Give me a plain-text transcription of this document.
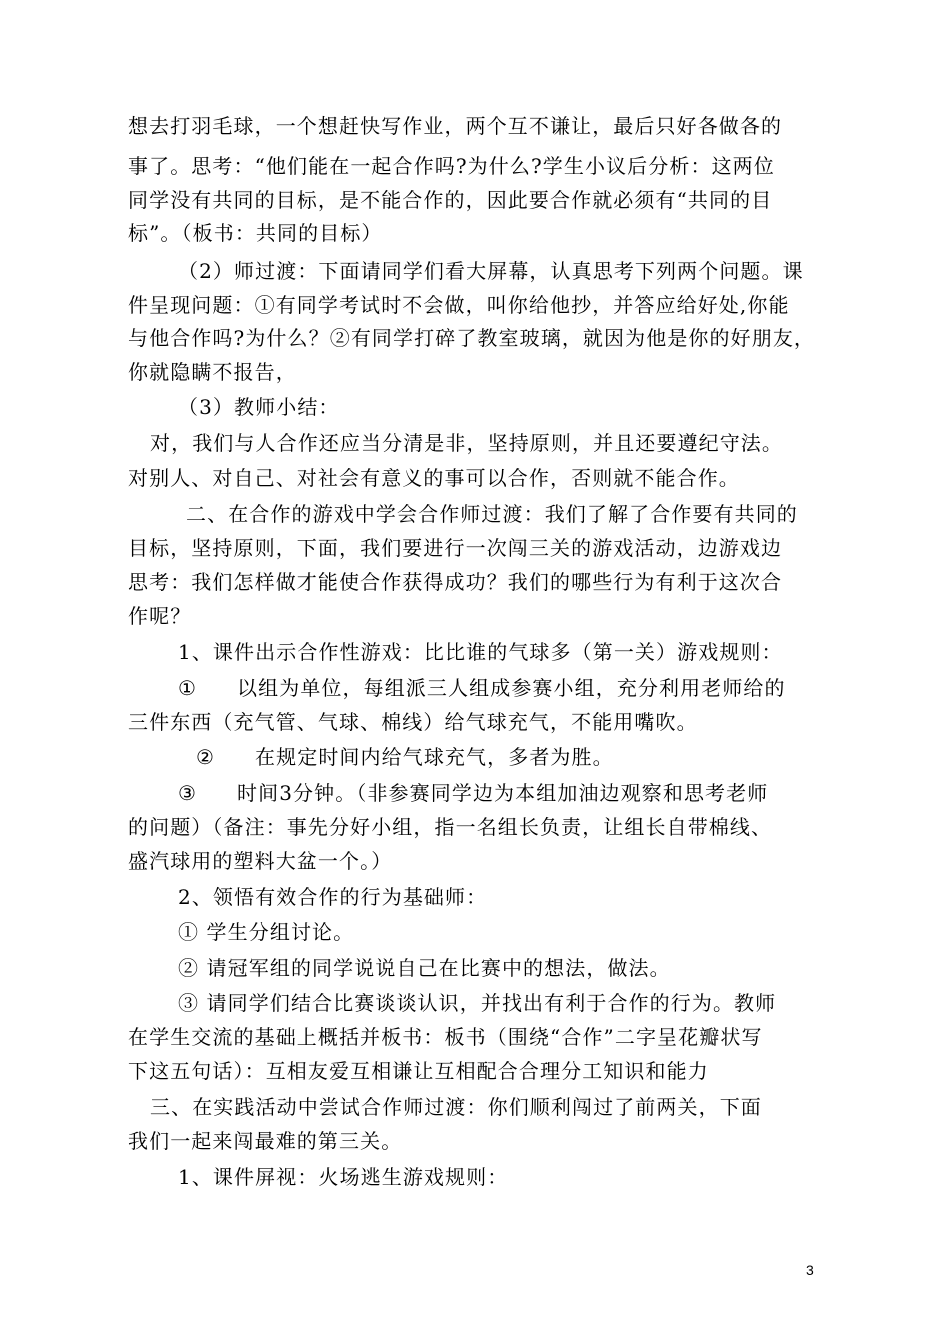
想去打羽毛球，一个想赶快写作业，两个互不谦让，最后只好各做各的
事了。思考：“他们能在一起合作吗?为什么?学生小议后分析：这两位
同学没有共同的目标，是不能合作的，因此要合作就必须有“共同的目
标”。（板书：共同的目标）
（2）师过渡：下面请同学们看大屏幕，认真思考下列两个问题。课
件呈现问题：①有同学考试时不会做，叫你给他抄，并答应给好处,你能
与他合作吗?为什么？②有同学打碎了教室玻璃，就因为他是你的好朋友，
你就隐瞒不报告，
（3）教师小结：
对，我们与人合作还应当分清是非，坚持原则，并且还要遵纪守法。
对别人、对自己、对社会有意义的事可以合作，否则就不能合作。
二、在合作的游戏中学会合作师过渡：我们了解了合作要有共同的
目标，坚持原则，下面，我们要进行一次闯三关的游戏活动，边游戏边
思考：我们怎样做才能使合作获得成功？我们的哪些行为有利于这次合
作呢？
1、课件出示合作性游戏：比比谁的气球多（第一关）游戏规则：
① 以组为单位，每组派三人组成参赛小组，充分利用老师给的
三件东西（充气管、气球、棉线）给气球充气，不能用嘴吹。
② 在规定时间内给气球充气，多者为胜。
③ 时间3分钟。（非参赛同学边为本组加油边观察和思考老师
的问题）（备注：事先分好小组，指一名组长负责，让组长自带棉线、
盛汽球用的塑料大盆一个。）
2、领悟有效合作的行为基础师：
① 学生分组讨论。
② 请冠军组的同学说说自己在比赛中的想法，做法。
③ 请同学们结合比赛谈谈认识，并找出有利于合作的行为。教师
在学生交流的基础上概括并板书：板书（围绕“合作”二字呈花瓣状写
下这五句话）：互相友爱互相谦让互相配合合理分工知识和能力
三、在实践活动中尝试合作师过渡：你们顺利闯过了前两关，下面
我们一起来闯最难的第三关。
1、课件屏视：火场逃生游戏规则：
3
